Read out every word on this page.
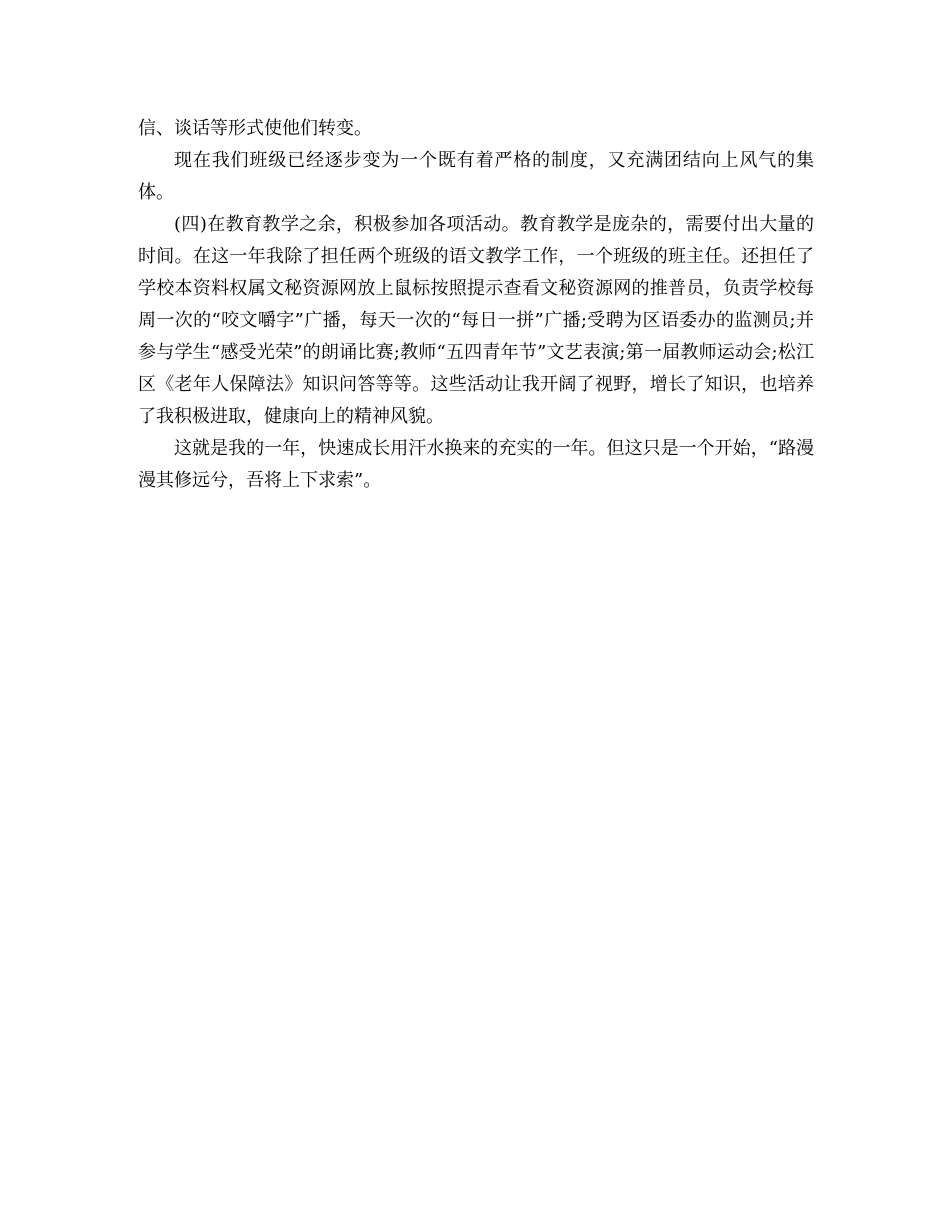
信、谈话等形式使他们转变。

现在我们班级已经逐步变为一个既有着严格的制度，又充满团结向上风气的集体。

(四)在教育教学之余，积极参加各项活动。教育教学是庞杂的，需要付出大量的时间。在这一年我除了担任两个班级的语文教学工作，一个班级的班主任。还担任了学校本资料权属文秘资源网放上鼠标按照提示查看文秘资源网的推普员，负责学校每周一次的“咬文嚼字”广播，每天一次的“每日一拼”广播;受聘为区语委办的监测员;并参与学生“感受光荣”的朗诵比赛;教师“五四青年节”文艺表演;第一届教师运动会;松江区《老年人保障法》知识问答等等。这些活动让我开阔了视野，增长了知识，也培养了我积极进取，健康向上的精神风貌。

这就是我的一年，快速成长用汗水换来的充实的一年。但这只是一个开始，“路漫漫其修远兮，吾将上下求索”。
